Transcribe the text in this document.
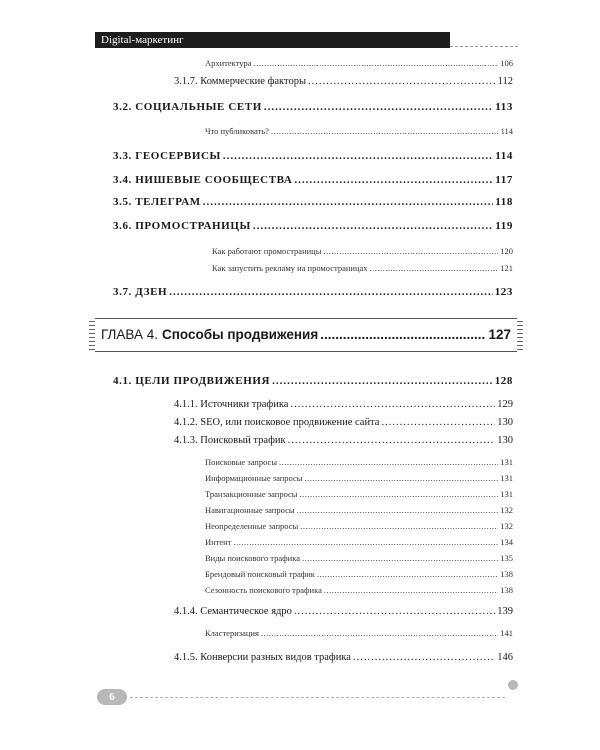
Digital-маркетинг
Архитектура .....	106
3.1.7. Коммерческие факторы .....	112
3.2. СОЦИАЛЬНЫЕ СЕТИ .....	113
Что публиковать? .....	114
3.3. ГЕОСЕРВИСЫ .....	114
3.4. НИШЕВЫЕ СООБЩЕСТВА .....	117
3.5. ТЕЛЕГРАМ .....	118
3.6. ПРОМОСТРАНИЦЫ .....	119
Как работают промостраницы .....	120
Как запустить рекламу на промостраницах .....	121
3.7. ДЗЕН .....	123
ГЛАВА 4. Способы продвижения .....	127
4.1. ЦЕЛИ ПРОДВИЖЕНИЯ .....	128
4.1.1. Источники трафика .....	129
4.1.2. SEO, или поисковое продвижение сайта .....	130
4.1.3. Поисковый трафик .....	130
Поисковые запросы .....	131
Информационные запросы .....	131
Транзакционные запросы .....	131
Навигационные запросы .....	132
Неопределенные запросы .....	132
Интент .....	134
Виды поискового трафика .....	135
Брендовый поисковый трафик .....	138
Сезонность поискового трафика .....	138
4.1.4. Семантическое ядро .....	139
Кластеризация .....	141
4.1.5. Конверсии разных видов трафика .....	146
6
